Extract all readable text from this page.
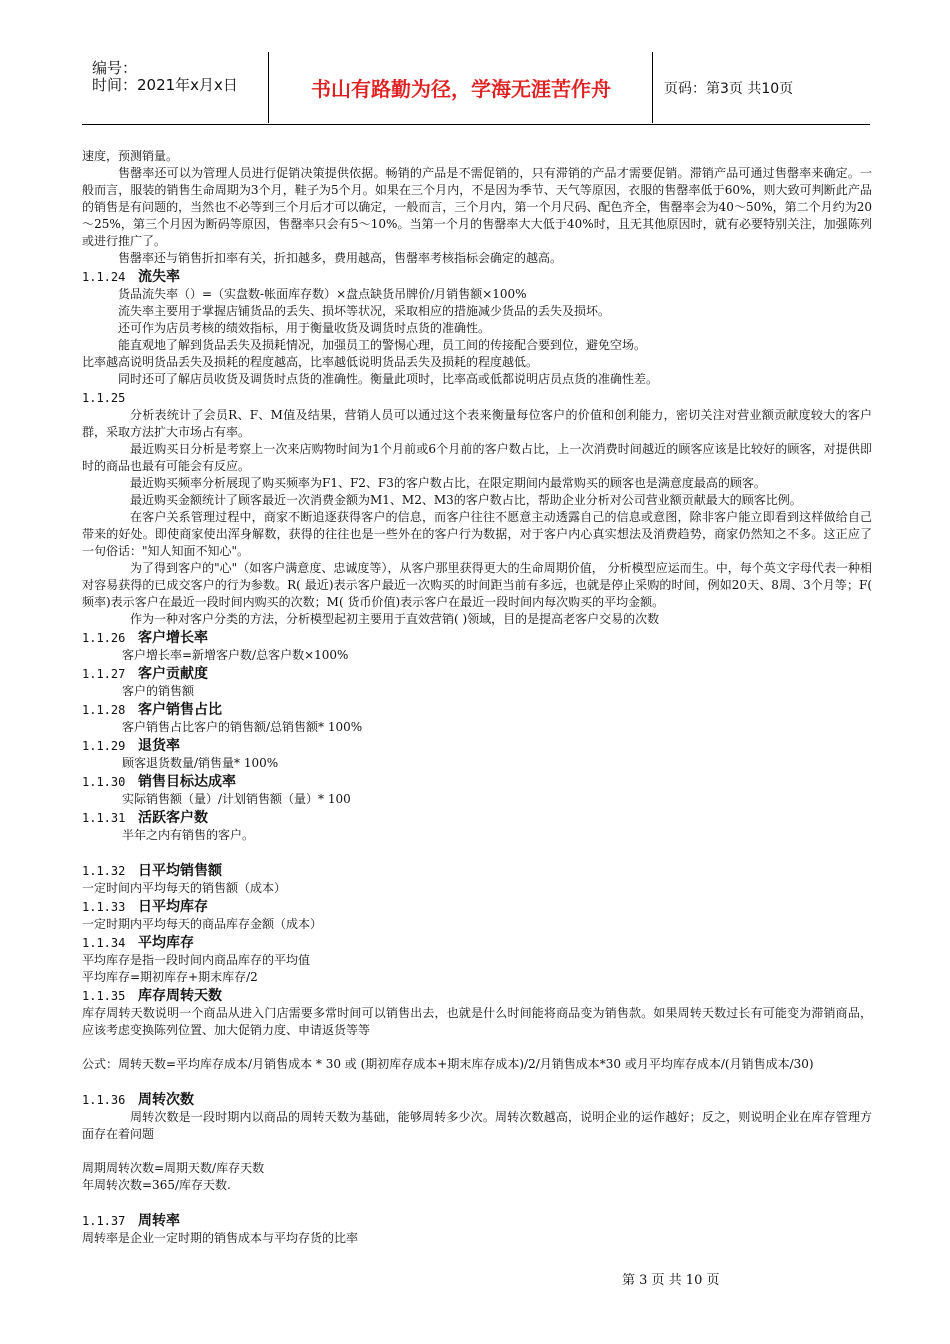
编号：
时间：2021年x月x日	书山有路勤为径，学海无涯苦作舟	页码：第3页 共10页

速度，预测销量。

售罄率还可以为管理人员进行促销决策提供依据。畅销的产品是不需促销的，只有滞销的产品才需要促销。滞销产品可通过售罄率来确定。一般而言，服装的销售生命周期为3个月，鞋子为5个月。如果在三个月内，不是因为季节、天气等原因，衣服的售罄率低于60%，则大致可判断此产品的销售是有问题的，当然也不必等到三个月后才可以确定，一般而言，三个月内，第一个月尺码、配色齐全，售罄率会为40～50%，第二个月约为20～25%，第三个月因为断码等原因，售罄率只会有5～10%。当第一个月的售罄率大大低于40%时，且无其他原因时，就有必要特别关注，加强陈列或进行推广了。

售罄率还与销售折扣率有关，折扣越多，费用越高，售罄率考核指标会确定的越高。

1.1.24 流失率

货品流失率（）=（实盘数-帐面库存数）×盘点缺货吊牌价/月销售额×100%

流失率主要用于掌握店铺货品的丢失、损坏等状况，采取相应的措施减少货品的丢失及损坏。

还可作为店员考核的绩效指标，用于衡量收货及调货时点货的准确性。

能直观地了解到货品丢失及损耗情况，加强员工的警惕心理，员工间的传接配合要到位，避免空场。

比率越高说明货品丢失及损耗的程度越高，比率越低说明货品丢失及损耗的程度越低。

同时还可了解店员收货及调货时点货的准确性。衡量此项时，比率高或低都说明店员点货的准确性差。

1.1.25

分析表统计了会员R、F、M值及结果，营销人员可以通过这个表来衡量每位客户的价值和创利能力，密切关注对营业额贡献度较大的客户群，采取方法扩大市场占有率。

最近购买日分析是考察上一次来店购物时间为1个月前或6个月前的客户数占比，上一次消费时间越近的顾客应该是比较好的顾客，对提供即时的商品也最有可能会有反应。

最近购买频率分析展现了购买频率为F1、F2、F3的客户数占比，在限定期间内最常购买的顾客也是满意度最高的顾客。

最近购买金额统计了顾客最近一次消费金额为M1、M2、M3的客户数占比，帮助企业分析对公司营业额贡献最大的顾客比例。

在客户关系管理过程中，商家不断追逐获得客户的信息，而客户往往不愿意主动透露自己的信息或意图，除非客户能立即看到这样做给自己带来的好处。即使商家使出浑身解数，获得的往往也是一些外在的客户行为数据，对于客户内心真实想法及消费趋势，商家仍然知之不多。这正应了一句俗话："知人知面不知心"。

为了得到客户的"心"（如客户满意度、忠诚度等），从客户那里获得更大的生命周期价值， 分析模型应运而生。中，每个英文字母代表一种相对容易获得的已成交客户的行为参数。R( 最近)表示客户最近一次购买的时间距当前有多远，也就是停止采购的时间，例如20天、8周、3个月等；F( 频率)表示客户在最近一段时间内购买的次数；M( 货币价值)表示客户在最近一段时间内每次购买的平均金额。

作为一种对客户分类的方法，分析模型起初主要用于直效营销( )领域，目的是提高老客户交易的次数

1.1.26 客户增长率

客户增长率=新增客户数/总客户数×100%

1.1.27 客户贡献度

客户的销售额

1.1.28 客户销售占比

客户销售占比客户的销售额/总销售额* 100%

1.1.29 退货率

顾客退货数量/销售量* 100%

1.1.30 销售目标达成率

实际销售额（量）/计划销售额（量）* 100

1.1.31 活跃客户数

半年之内有销售的客户。

1.1.32 日平均销售额

一定时间内平均每天的销售额（成本）

1.1.33 日平均库存

一定时期内平均每天的商品库存金额（成本）

1.1.34 平均库存

平均库存是指一段时间内商品库存的平均值

平均库存=期初库存+期末库存/2

1.1.35 库存周转天数

库存周转天数说明一个商品从进入门店需要多常时间可以销售出去，也就是什么时间能将商品变为销售款。如果周转天数过长有可能变为滞销商品，应该考虑变换陈列位置、加大促销力度、申请返货等等

公式：周转天数=平均库存成本/月销售成本 * 30 或 (期初库存成本+期末库存成本)/2/月销售成本*30 或月平均库存成本/(月销售成本/30)

1.1.36 周转次数

周转次数是一段时期内以商品的周转天数为基础，能够周转多少次。周转次数越高，说明企业的运作越好；反之，则说明企业在库存管理方面存在着问题

周期周转次数=周期天数/库存天数

年周转次数=365/库存天数.

1.1.37 周转率

周转率是企业一定时期的销售成本与平均存货的比率

第 3 页 共 10 页
